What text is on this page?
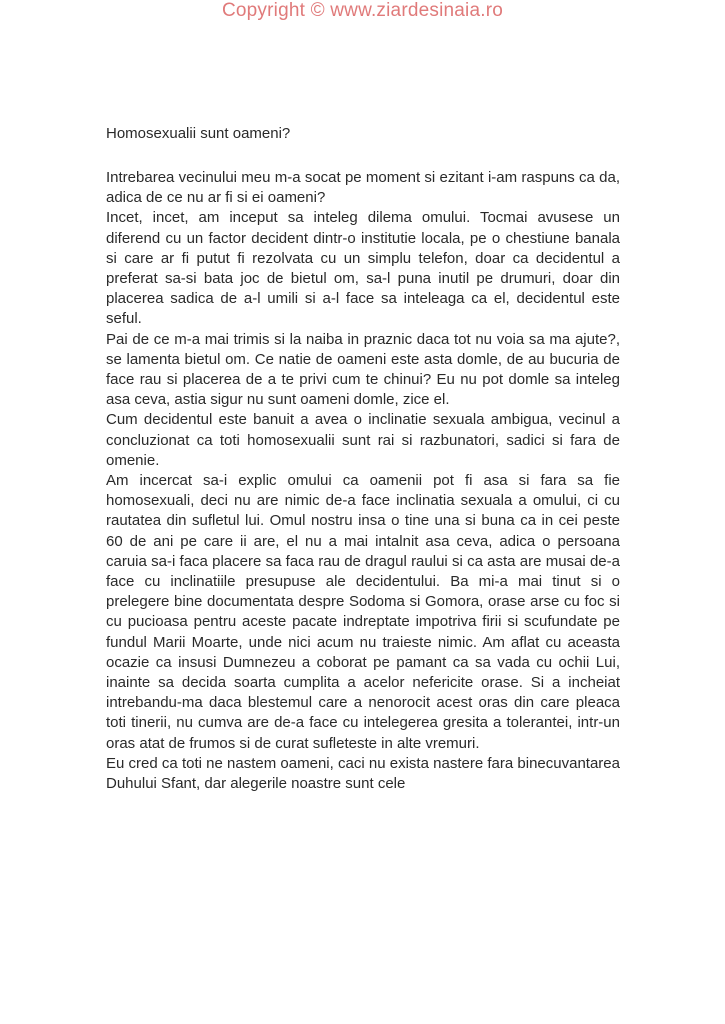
Copyright © www.ziardesinaia.ro
Homosexualii sunt oameni?

Intrebarea vecinului meu m-a socat pe moment si ezitant i-am raspuns ca da, adica de ce nu ar fi si ei oameni?

Incet, incet, am inceput sa inteleg dilema omului. Tocmai avusese un diferend cu un factor decident dintr-o institutie locala, pe o chestiune banala si care ar fi putut fi rezolvata cu un simplu telefon, doar ca decidentul a preferat sa-si bata joc de bietul om, sa-l puna inutil pe drumuri, doar din placerea sadica de a-l umili si a-l face sa inteleaga ca el, decidentul este seful.

Pai de ce m-a mai trimis si la naiba in praznic daca tot nu voia sa ma ajute?, se lamenta bietul om. Ce natie de oameni este asta domle, de au bucuria de face rau si placerea de a te privi cum te chinui? Eu nu pot domle sa inteleg asa ceva, astia sigur nu sunt oameni domle, zice el.

Cum decidentul este banuit a avea o inclinatie sexuala ambigua, vecinul a concluzionat ca toti homosexualii sunt rai si razbunatori, sadici si fara de omenie.

Am incercat sa-i explic omului ca oamenii pot fi asa si fara sa fie homosexuali, deci nu are nimic de-a face inclinatia sexuala a omului, ci cu rautatea din sufletul lui. Omul nostru insa o tine una si buna ca in cei peste 60 de ani pe care ii are, el nu a mai intalnit asa ceva, adica o persoana caruia sa-i faca placere sa faca rau de dragul raului si ca asta are musai de-a face cu inclinatiile presupuse ale decidentului. Ba mi-a mai tinut si o prelegere bine documentata despre Sodoma si Gomora, orase arse cu foc si cu pucioasa pentru aceste pacate indreptate impotriva firii si scufundate pe fundul Marii Moarte, unde nici acum nu traieste nimic. Am aflat cu aceasta ocazie ca insusi Dumnezeu a coborat pe pamant ca sa vada cu ochii Lui, inainte sa decida soarta cumplita a acelor nefericite orase. Si a incheiat intrebandu-ma daca blestemul care a nenorocit acest oras din care pleaca toti tinerii, nu cumva are de-a face cu intelegerea gresita a tolerantei, intr-un oras atat de frumos si de curat sufleteste in alte vremuri.

Eu cred ca toti ne nastem oameni, caci nu exista nastere fara binecuvantarea Duhului Sfant, dar alegerile noastre sunt cele
